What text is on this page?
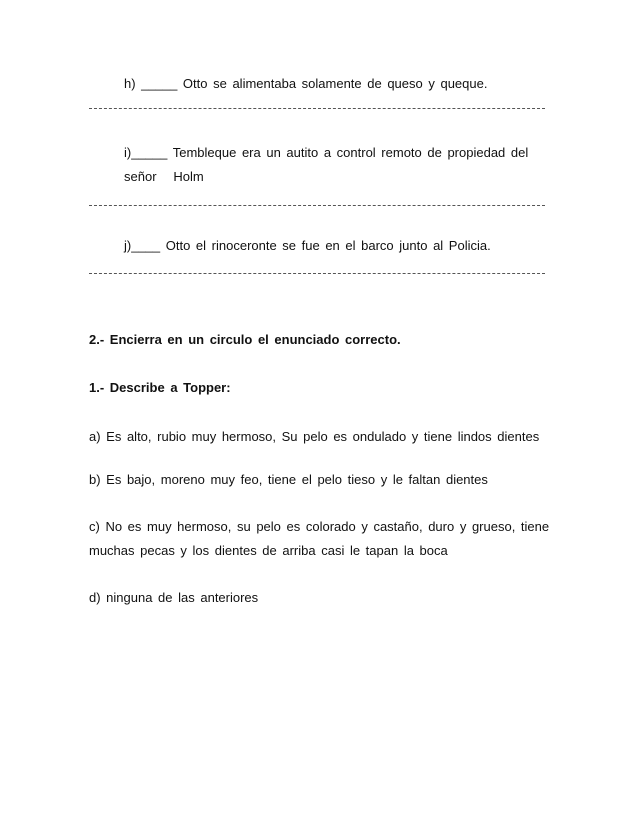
h) _____ Otto se alimentaba solamente de queso y queque.

i)_____ Tembleque era un autito a control remoto de propiedad del

señor   Holm

j)____ Otto el rinoceronte se fue en el barco junto al Policia.

2.- Encierra en un circulo el enunciado correcto.

1.- Describe a Topper:

a) Es alto, rubio muy hermoso, Su pelo es ondulado y tiene lindos dientes

b) Es bajo, moreno muy feo, tiene el pelo tieso y le faltan dientes

c) No es muy hermoso, su pelo es colorado y castaño, duro y grueso, tiene

muchas pecas y los dientes de arriba casi le tapan la boca

d) ninguna de las anteriores
